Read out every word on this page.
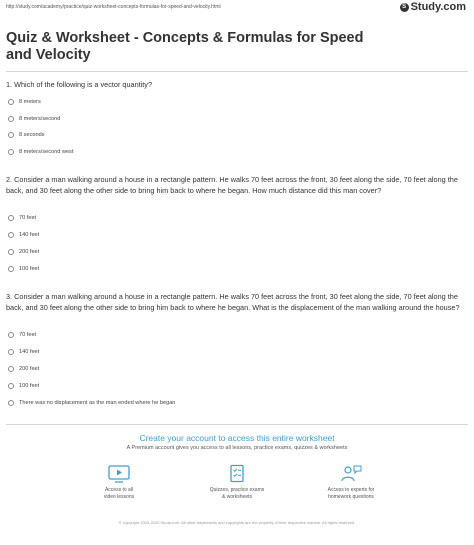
http://study.com/academy/practice/quiz-worksheet-concepts-formulas-for-speed-and-velocity.html	S Study.com
Quiz & Worksheet - Concepts & Formulas for Speed and Velocity
1. Which of the following is a vector quantity?
8 meters
8 meters/second
8 seconds
8 meters/second west
2. Consider a man walking around a house in a rectangle pattern. He walks 70 feet across the front, 30 feet along the side, 70 feet along the back, and 30 feet along the other side to bring him back to where he began. How much distance did this man cover?
70 feet
140 feet
200 feet
100 feet
3. Consider a man walking around a house in a rectangle pattern. He walks 70 feet across the front, 30 feet along the side, 70 feet along the back, and 30 feet along the other side to bring him back to where he began. What is the displacement of the man walking around the house?
70 feet
140 feet
200 feet
100 feet
There was no displacement as the man ended where he began
Create your account to access this entire worksheet
A Premium account gives you access to all lessons, practice exams, quizzes & worksheets
Access to all
video lessons
Quizzes, practice exams
& worksheets
Access to experts for
homework questions
© copyright 2003-2020 Study.com. All other trademarks and copyrights are the property of their respective owners. All rights reserved.
